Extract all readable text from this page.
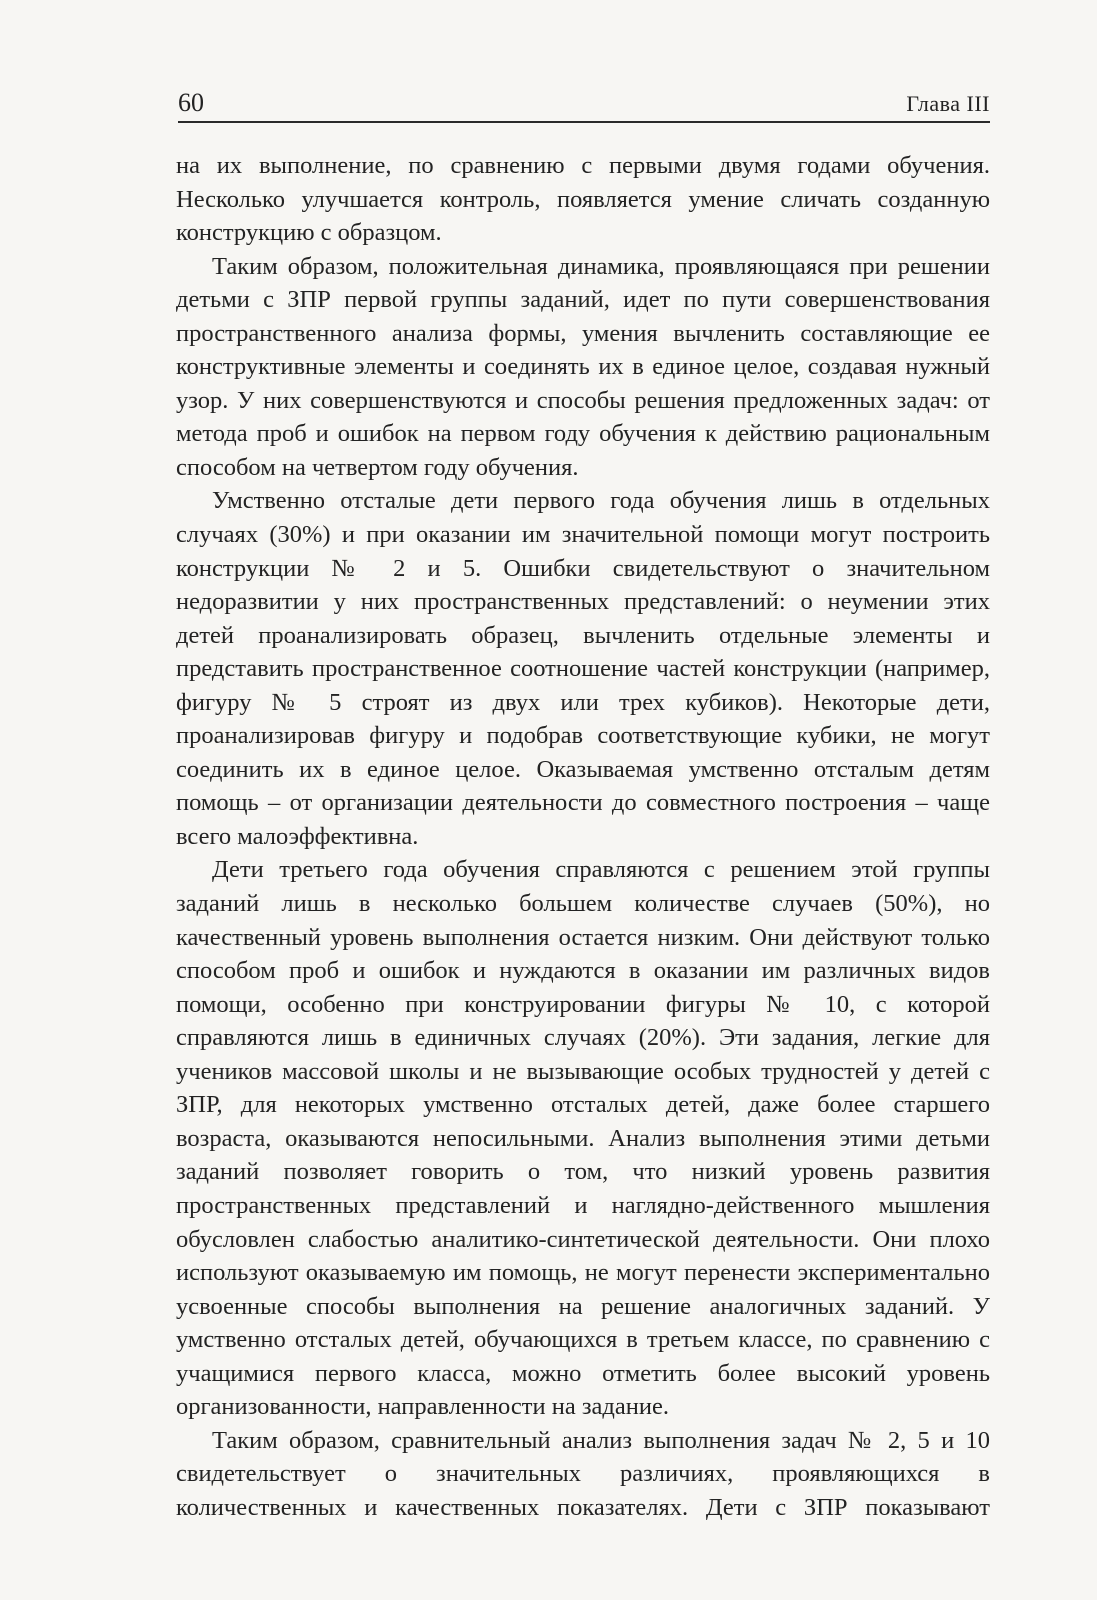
60	Глава III

на их выполнение, по сравнению с первыми двумя годами обучения. Несколько улучшается контроль, появляется умение сличать созданную конструкцию с образцом.

Таким образом, положительная динамика, проявляющаяся при решении детьми с ЗПР первой группы заданий, идет по пути совершенствования пространственного анализа формы, умения вычленить составляющие ее конструктивные элементы и соединять их в единое целое, создавая нужный узор. У них совершенствуются и способы решения предложенных задач: от метода проб и ошибок на первом году обучения к действию рациональным способом на четвертом году обучения.

Умственно отсталые дети первого года обучения лишь в отдельных случаях (30%) и при оказании им значительной помощи могут построить конструкции № 2 и 5. Ошибки свидетельствуют о значительном недоразвитии у них пространственных представлений: о неумении этих детей проанализировать образец, вычленить отдельные элементы и представить пространственное соотношение частей конструкции (например, фигуру № 5 строят из двух или трех кубиков). Некоторые дети, проанализировав фигуру и подобрав соответствующие кубики, не могут соединить их в единое целое. Оказываемая умственно отсталым детям помощь – от организации деятельности до совместного построения – чаще всего малоэффективна.

Дети третьего года обучения справляются с решением этой группы заданий лишь в несколько большем количестве случаев (50%), но качественный уровень выполнения остается низким. Они действуют только способом проб и ошибок и нуждаются в оказании им различных видов помощи, особенно при конструировании фигуры № 10, с которой справляются лишь в единичных случаях (20%). Эти задания, легкие для учеников массовой школы и не вызывающие особых трудностей у детей с ЗПР, для некоторых умственно отсталых детей, даже более старшего возраста, оказываются непосильными. Анализ выполнения этими детьми заданий позволяет говорить о том, что низкий уровень развития пространственных представлений и наглядно-действенного мышления обусловлен слабостью аналитико-синтетической деятельности. Они плохо используют оказываемую им помощь, не могут перенести экспериментально усвоенные способы выполнения на решение аналогичных заданий. У умственно отсталых детей, обучающихся в третьем классе, по сравнению с учащимися первого класса, можно отметить более высокий уровень организованности, направленности на задание.

Таким образом, сравнительный анализ выполнения задач № 2, 5 и 10 свидетельствует о значительных различиях, проявляющихся в количественных и качественных показателях. Дети с ЗПР показывают
